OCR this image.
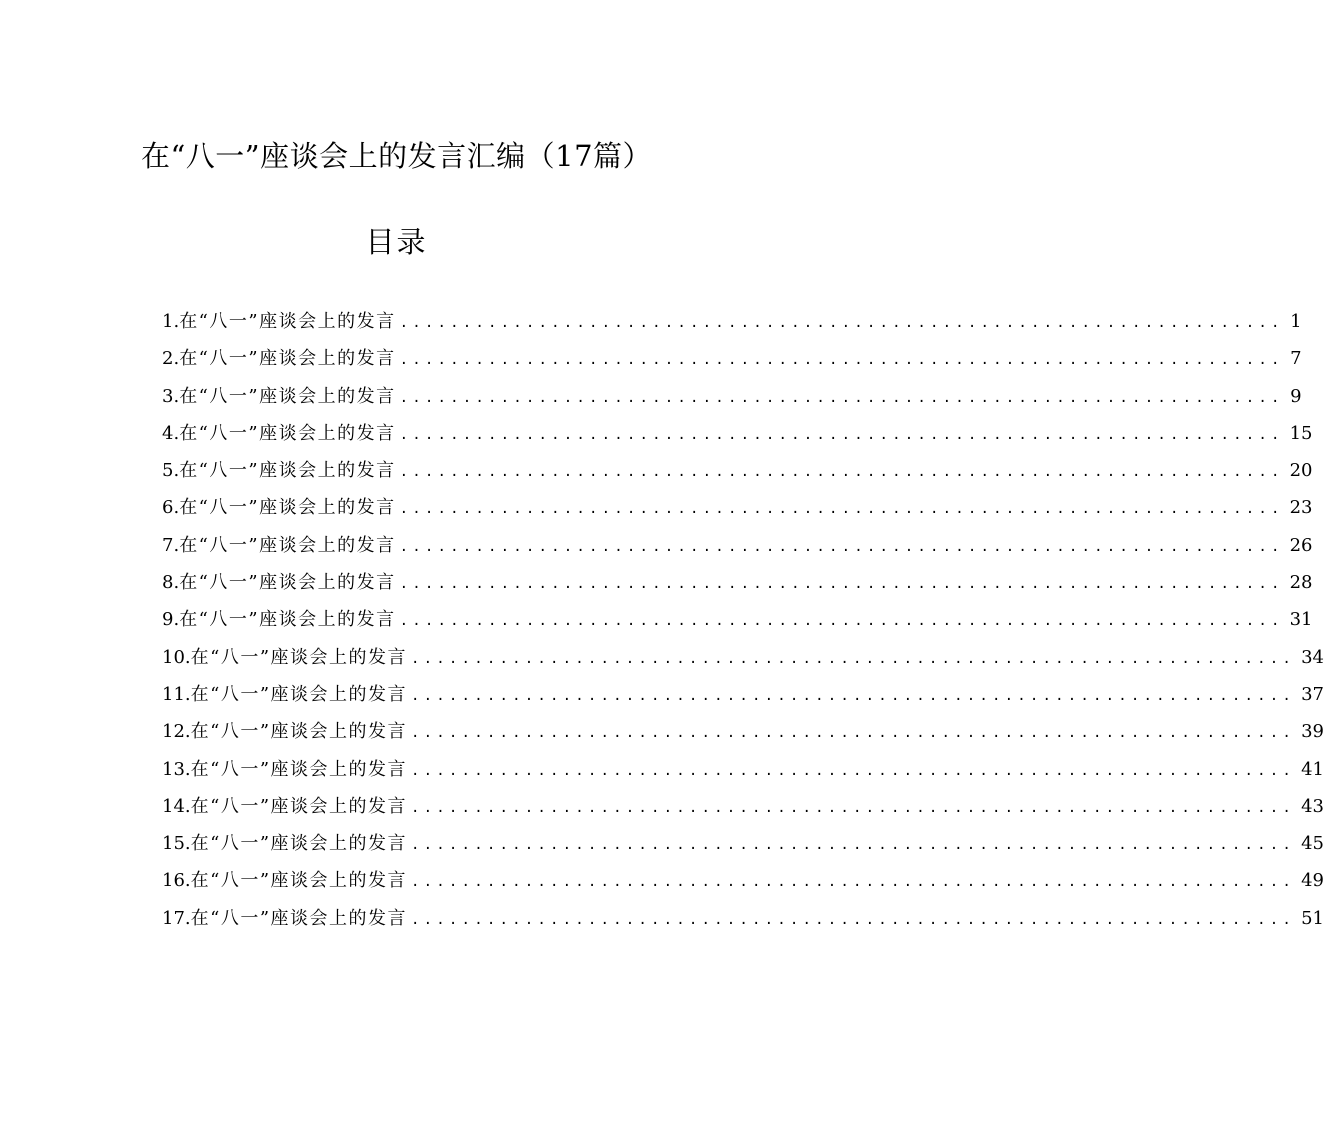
在“八一”座谈会上的发言汇编（17篇）
目录
1. 在“八一”座谈会上的发言 ...................................................................... 1
2. 在“八一”座谈会上的发言 ...................................................................... 7
3. 在“八一”座谈会上的发言 ...................................................................... 9
4. 在“八一”座谈会上的发言 ...................................................................... 15
5. 在“八一”座谈会上的发言 ...................................................................... 20
6. 在“八一”座谈会上的发言 ...................................................................... 23
7. 在“八一”座谈会上的发言 ...................................................................... 26
8. 在“八一”座谈会上的发言 ...................................................................... 28
9. 在“八一”座谈会上的发言 ...................................................................... 31
10. 在“八一”座谈会上的发言 ...................................................................... 34
11. 在“八一”座谈会上的发言 ...................................................................... 37
12. 在“八一”座谈会上的发言 ...................................................................... 39
13. 在“八一”座谈会上的发言 ...................................................................... 41
14. 在“八一”座谈会上的发言 ...................................................................... 43
15. 在“八一”座谈会上的发言 ...................................................................... 45
16. 在“八一”座谈会上的发言 ...................................................................... 49
17. 在“八一”座谈会上的发言 ...................................................................... 51
